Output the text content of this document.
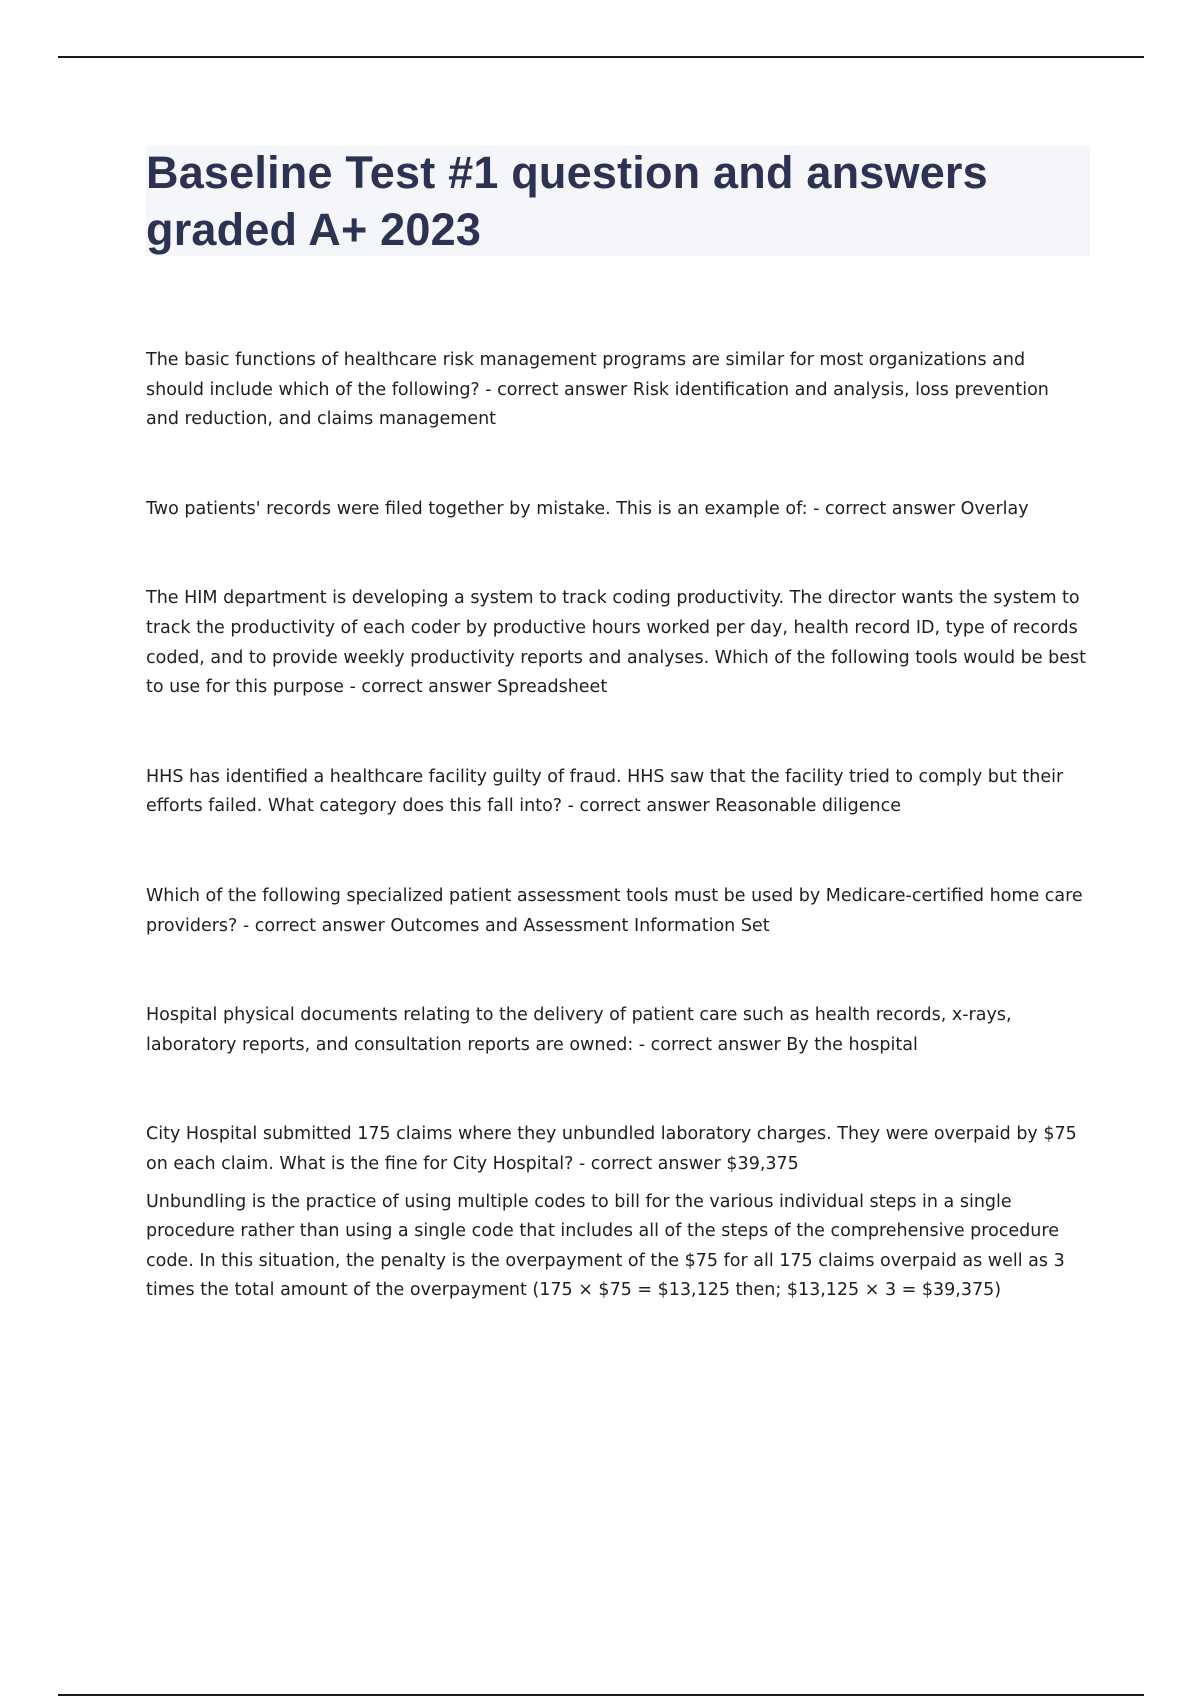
Baseline Test #1 question and answers graded A+ 2023

The basic functions of healthcare risk management programs are similar for most organizations and should include which of the following? - correct answer Risk identification and analysis, loss prevention and reduction, and claims management

Two patients' records were filed together by mistake. This is an example of: - correct answer Overlay

The HIM department is developing a system to track coding productivity. The director wants the system to track the productivity of each coder by productive hours worked per day, health record ID, type of records coded, and to provide weekly productivity reports and analyses. Which of the following tools would be best to use for this purpose - correct answer Spreadsheet

HHS has identified a healthcare facility guilty of fraud. HHS saw that the facility tried to comply but their efforts failed. What category does this fall into? - correct answer Reasonable diligence

Which of the following specialized patient assessment tools must be used by Medicare-certified home care providers? - correct answer Outcomes and Assessment Information Set

Hospital physical documents relating to the delivery of patient care such as health records, x-rays, laboratory reports, and consultation reports are owned: - correct answer By the hospital

City Hospital submitted 175 claims where they unbundled laboratory charges. They were overpaid by $75 on each claim. What is the fine for City Hospital? - correct answer $39,375

Unbundling is the practice of using multiple codes to bill for the various individual steps in a single procedure rather than using a single code that includes all of the steps of the comprehensive procedure code. In this situation, the penalty is the overpayment of the $75 for all 175 claims overpaid as well as 3 times the total amount of the overpayment (175 × $75 = $13,125 then; $13,125 × 3 = $39,375)
